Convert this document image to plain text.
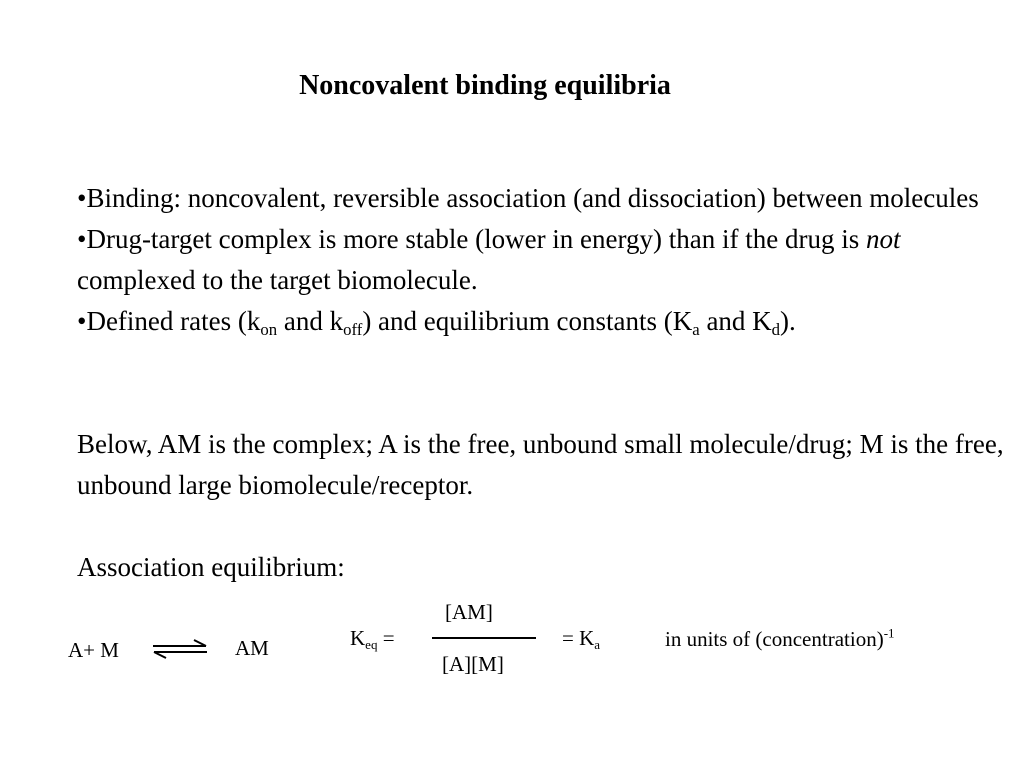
Noncovalent binding equilibria

•Binding: noncovalent, reversible association (and dissociation) between molecules

•Drug-target complex is more stable (lower in energy) than if the drug is not complexed to the target biomolecule.

•Defined rates ($k_{on}$ and $k_{off}$) and equilibrium constants ($K_a$ and $K_d$).

Below, AM is the complex; A is the free, unbound small molecule/drug; M is the free, unbound large biomolecule/receptor.

Association equilibrium:
A+ M	AM	$K_{eq}$ =
[AM]
[A][M]
= $K_a$	in units of (concentration)$^{-1}$
